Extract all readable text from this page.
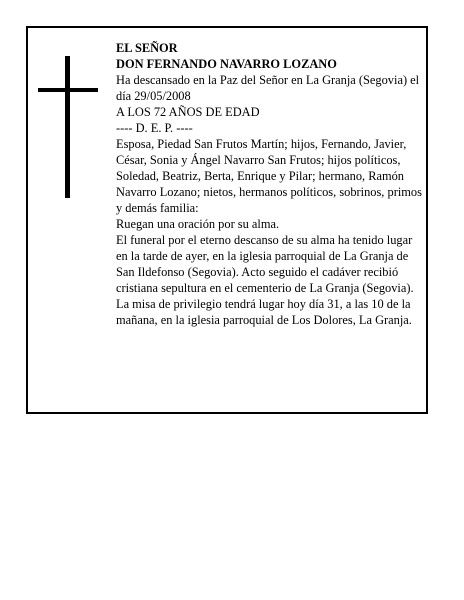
EL SEÑOR

DON FERNANDO NAVARRO LOZANO

Ha descansado en la Paz del Señor en La Granja (Segovia) el día 29/05/2008

A LOS 72 AÑOS DE EDAD

---- D. E. P. ----

Esposa, Piedad San Frutos Martín; hijos, Fernando, Javier, César, Sonia y Ángel Navarro San Frutos; hijos políticos, Soledad, Beatriz, Berta, Enrique y Pilar; hermano, Ramón Navarro Lozano; nietos, hermanos políticos, sobrinos, primos y demás familia:

Ruegan una oración por su alma.

El funeral por el eterno descanso de su alma ha tenido lugar en la tarde de ayer, en la iglesia parroquial de La Granja de San Ildefonso (Segovia). Acto seguido el cadáver recibió cristiana sepultura en el cementerio de La Granja (Segovia). La misa de privilegio tendrá lugar hoy día 31, a las 10 de la mañana, en la iglesia parroquial de Los Dolores, La Granja.
